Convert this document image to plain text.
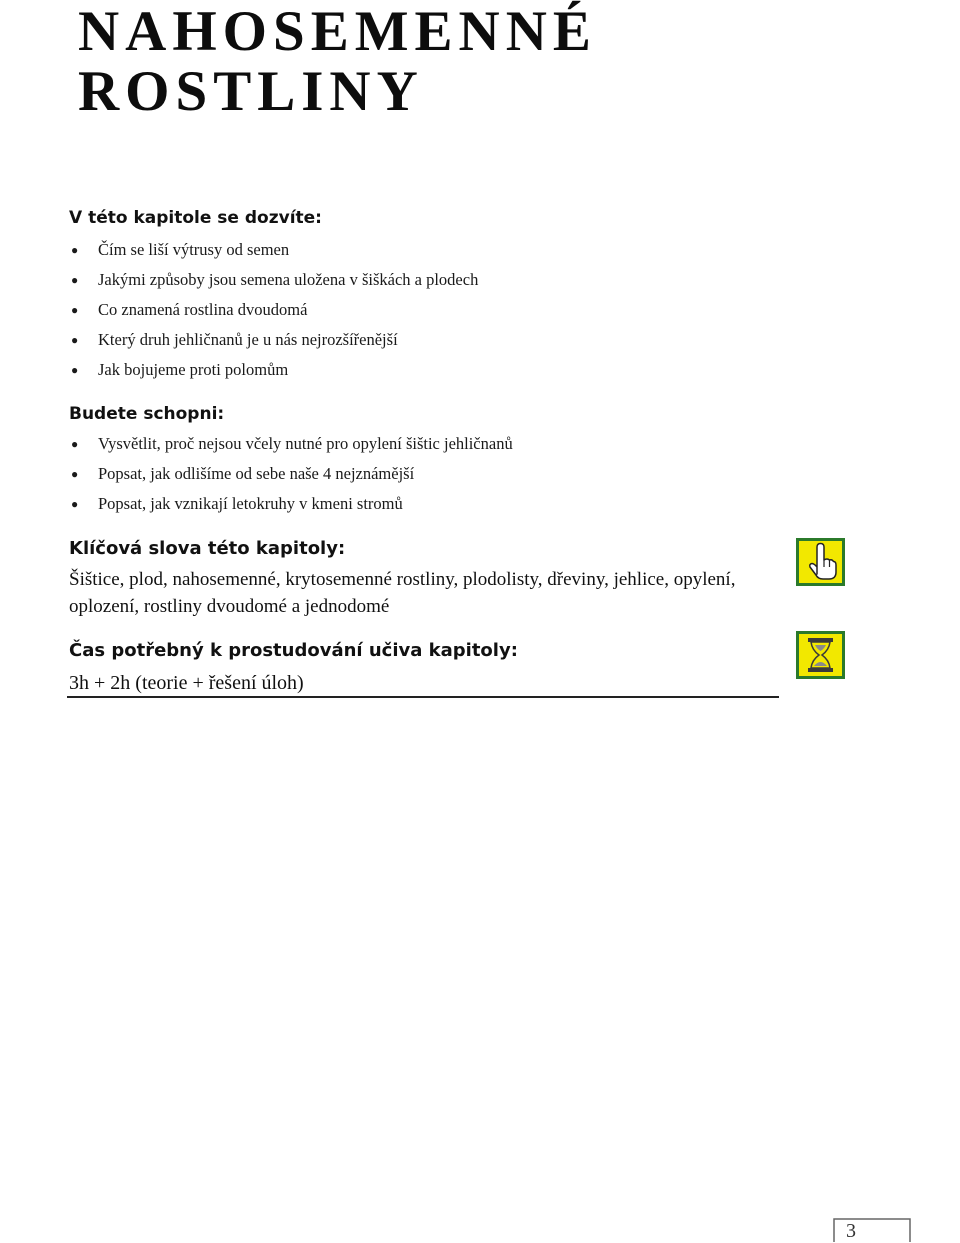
NAHOSEMENNÉ
ROSTLINY
V této kapitole se dozvíte:
● Čím se liší výtrusy od semen
● Jakými způsoby jsou semena uložena v šiškách a plodech
● Co znamená rostlina dvoudomá
● Který druh jehličnanů je u nás nejrozšířenější
● Jak bojujeme proti polomům
Budete schopni:
● Vysvětlit, proč nejsou včely nutné pro opylení šištic jehličnanů
● Popsat, jak odlišíme od sebe naše 4 nejznámější
● Popsat, jak vznikají letokruhy v kmeni stromů
Klíčová slova této kapitoly:

Šištice, plod, nahosemenné, krytosemenné rostliny, plodolisty, dřeviny, jehlice, opylení, oplození, rostliny dvoudomé a jednodomé

Čas potřebný k prostudování učiva kapitoly:

3h + 2h (teorie + řešení úloh)

3
